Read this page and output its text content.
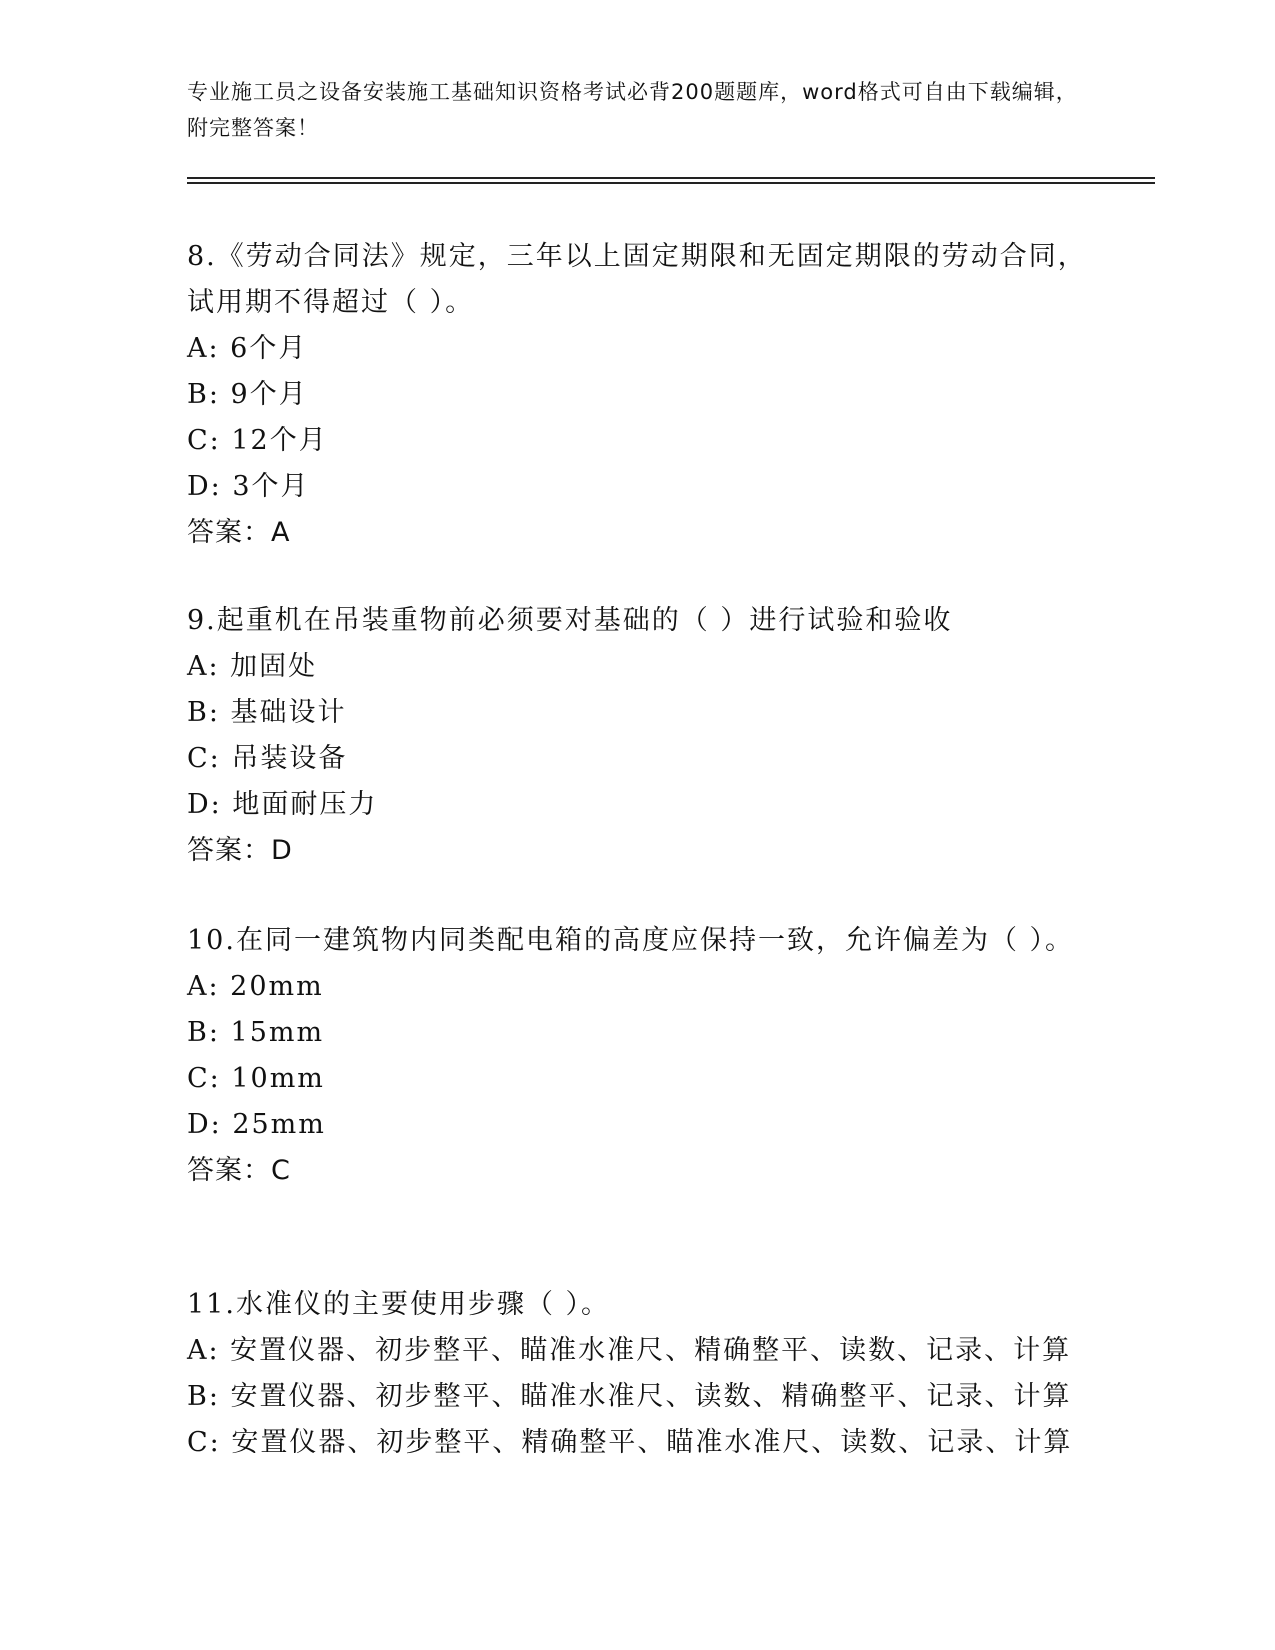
专业施工员之设备安装施工基础知识资格考试必背200题题库，word格式可自由下载编辑，附完整答案！

8.《劳动合同法》规定，三年以上固定期限和无固定期限的劳动合同，试用期不得超过（ ）。

A: 6个月

B: 9个月

C: 12个月

D: 3个月

答案：A

9.起重机在吊装重物前必须要对基础的（ ）进行试验和验收

A: 加固处

B: 基础设计

C: 吊装设备

D: 地面耐压力

答案：D

10.在同一建筑物内同类配电箱的高度应保持一致，允许偏差为（ ）。

A: 20mm

B: 15mm

C: 10mm

D: 25mm

答案：C

11.水准仪的主要使用步骤（ ）。

A: 安置仪器、初步整平、瞄准水准尺、精确整平、读数、记录、计算

B: 安置仪器、初步整平、瞄准水准尺、读数、精确整平、记录、计算

C: 安置仪器、初步整平、精确整平、瞄准水准尺、读数、记录、计算
